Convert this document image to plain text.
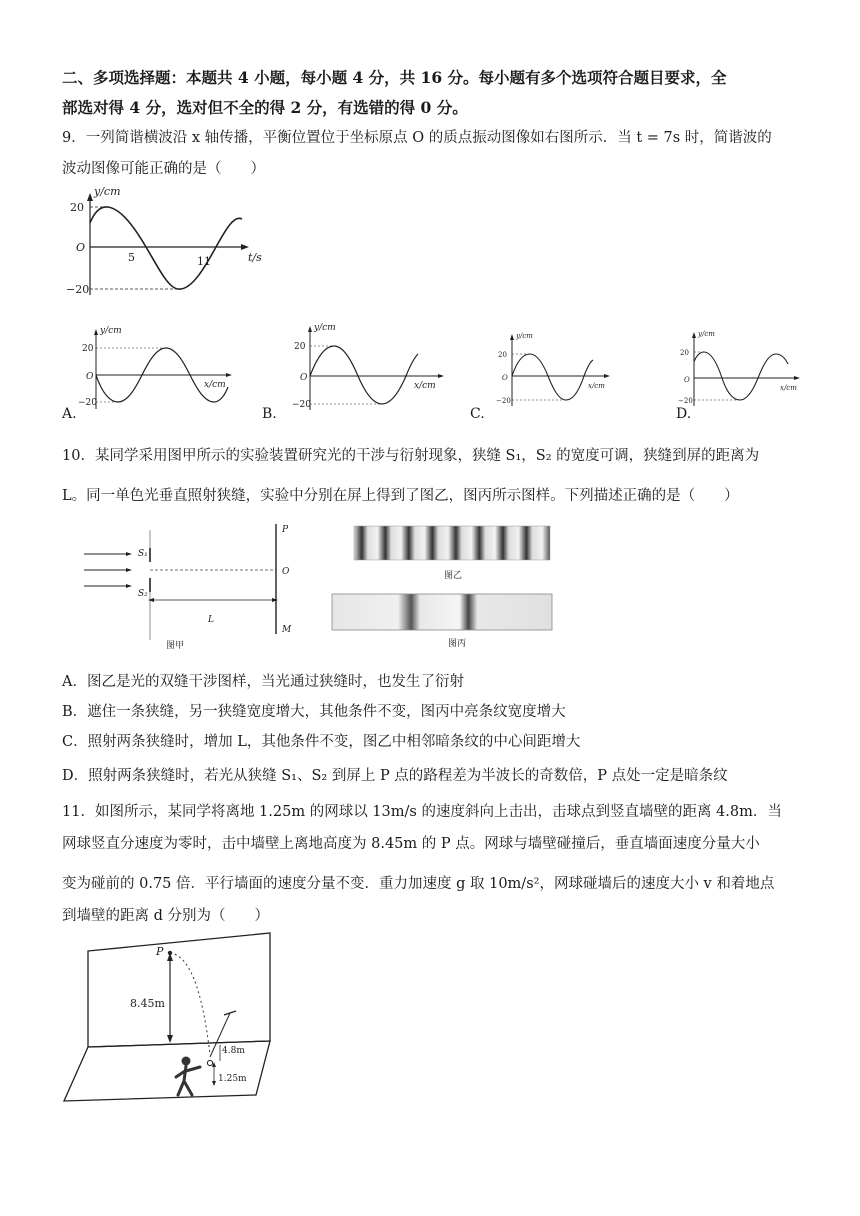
二、多项选择题：本题共 4 小题，每小题 4 分，共 16 分。每小题有多个选项符合题目要求，全
部选对得 4 分，选对但不全的得 2 分，有选错的得 0 分。
9．一列简谐横波沿 x 轴传播，平衡位置位于坐标原点 O 的质点振动图像如右图所示．当 t = 7s 时，简谐波的
波动图像可能正确的是（　　）
y/cm
t/s
O
20
−20
5	11
y/cm
x/cm
O
20
−20
y/cm
x/cm
O
20
−20
y/cm
x/cm
O
20
−20
y/cm
x/cm
O
20
−20
A.	B.	C.	D.
10．某同学采用图甲所示的实验装置研究光的干涉与衍射现象，狭缝 S₁，S₂ 的宽度可调，狭缝到屏的距离为
L。同一单色光垂直照射狭缝，实验中分别在屏上得到了图乙，图丙所示图样。下列描述正确的是（　　）
S₁
S₂
P
O
M
L
图甲
图乙
图丙
A．图乙是光的双缝干涉图样，当光通过狭缝时，也发生了衍射
B．遮住一条狭缝，另一狭缝宽度增大，其他条件不变，图丙中亮条纹宽度增大
C．照射两条狭缝时，增加 L，其他条件不变，图乙中相邻暗条纹的中心间距增大
D．照射两条狭缝时，若光从狭缝 S₁、S₂ 到屏上 P 点的路程差为半波长的奇数倍，P 点处一定是暗条纹
11．如图所示，某同学将离地 1.25m 的网球以 13m/s 的速度斜向上击出，击球点到竖直墙壁的距离 4.8m．当
网球竖直分速度为零时，击中墙壁上离地高度为 8.45m 的 P 点。网球与墙壁碰撞后，垂直墙面速度分量大小
变为碰前的 0.75 倍．平行墙面的速度分量不变．重力加速度 g 取 10m/s²，网球碰墙后的速度大小 v 和着地点
到墙壁的距离 d 分别为（　　）
P
8.45m
4.8m
1.25m
